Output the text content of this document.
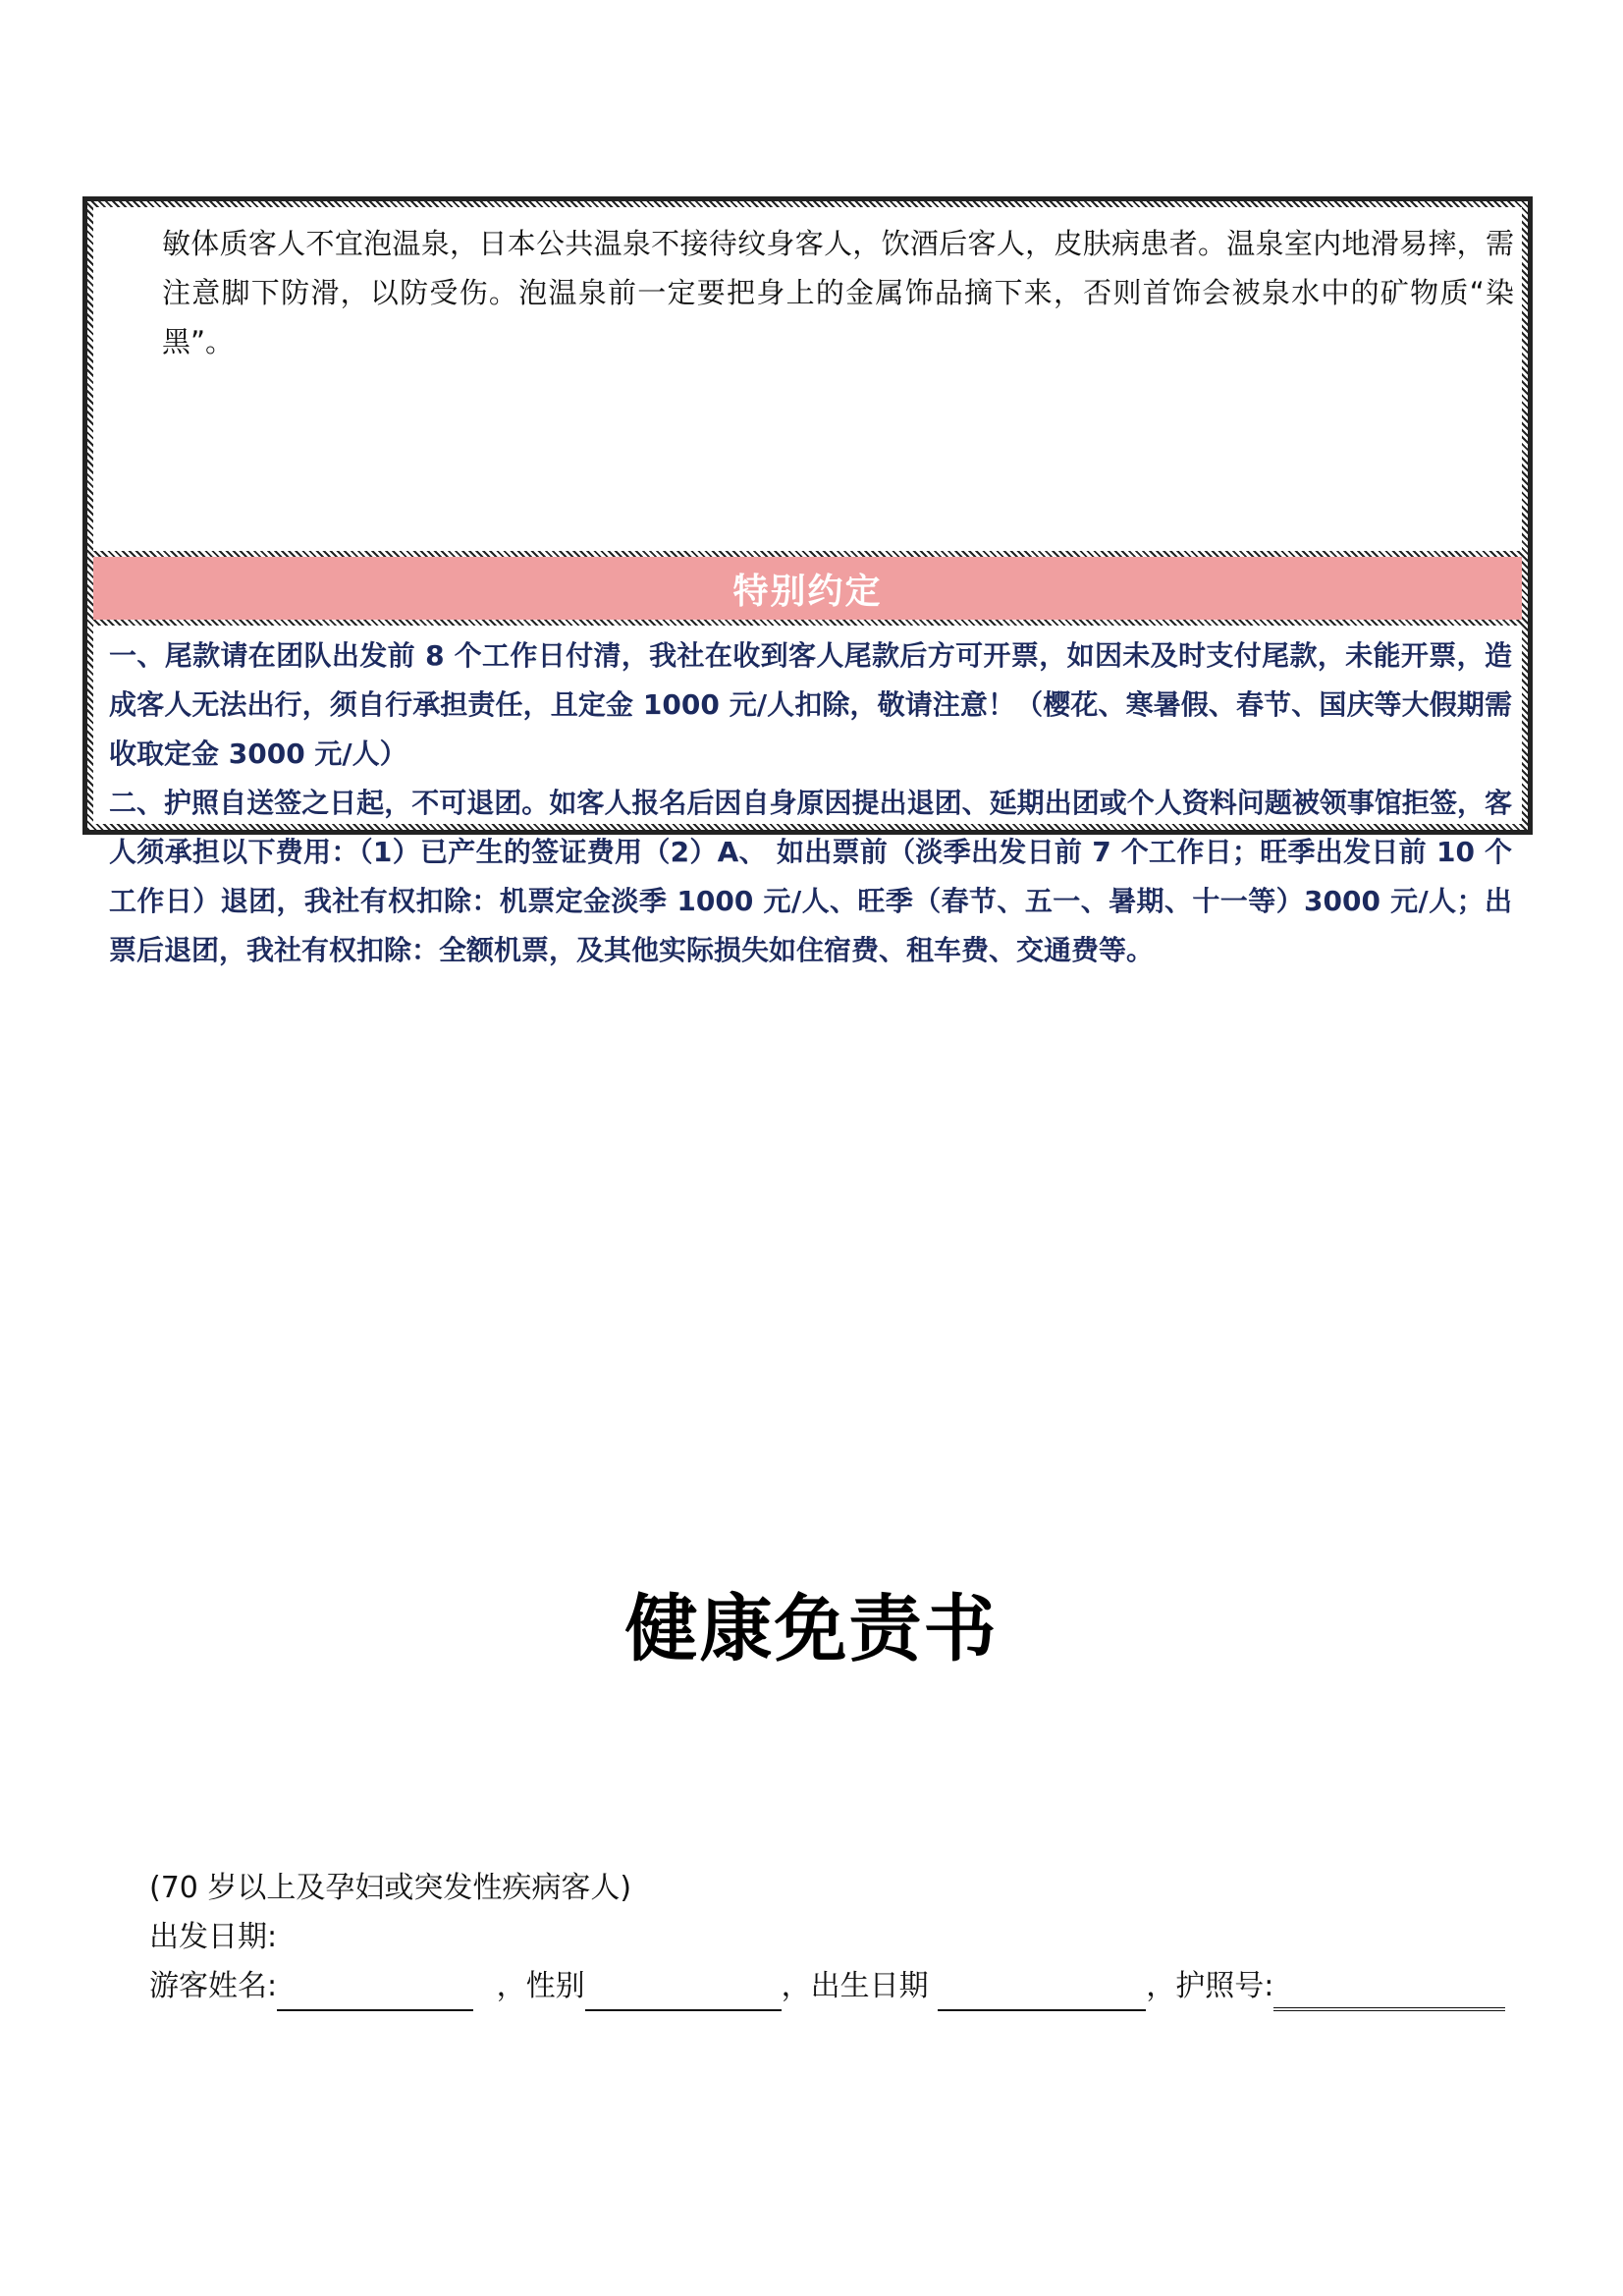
敏体质客人不宜泡温泉，日本公共温泉不接待纹身客人，饮酒后客人，皮肤病患者。温泉室内地滑易摔，需注意脚下防滑，以防受伤。泡温泉前一定要把身上的金属饰品摘下来，否则首饰会被泉水中的矿物质“染黑”。
特别约定

一、尾款请在团队出发前 8 个工作日付清，我社在收到客人尾款后方可开票，如因未及时支付尾款，未能开票，造成客人无法出行，须自行承担责任，且定金 1000 元/人扣除，敬请注意！（樱花、寒暑假、春节、国庆等大假期需收取定金 3000 元/人）

二、护照自送签之日起，不可退团。如客人报名后因自身原因提出退团、延期出团或个人资料问题被领事馆拒签，客人须承担以下费用：（1）已产生的签证费用（2）A、 如出票前（淡季出发日前 7 个工作日；旺季出发日前 10 个工作日）退团，我社有权扣除：机票定金淡季 1000 元/人、旺季（春节、五一、暑期、十一等）3000 元/人；出票后退团，我社有权扣除：全额机票，及其他实际损失如住宿费、租车费、交通费等。

健康免责书
(70 岁以上及孕妇或突发性疾病客人)
出发日期:
游客姓名:	，性别	，出生日期	，护照号:
